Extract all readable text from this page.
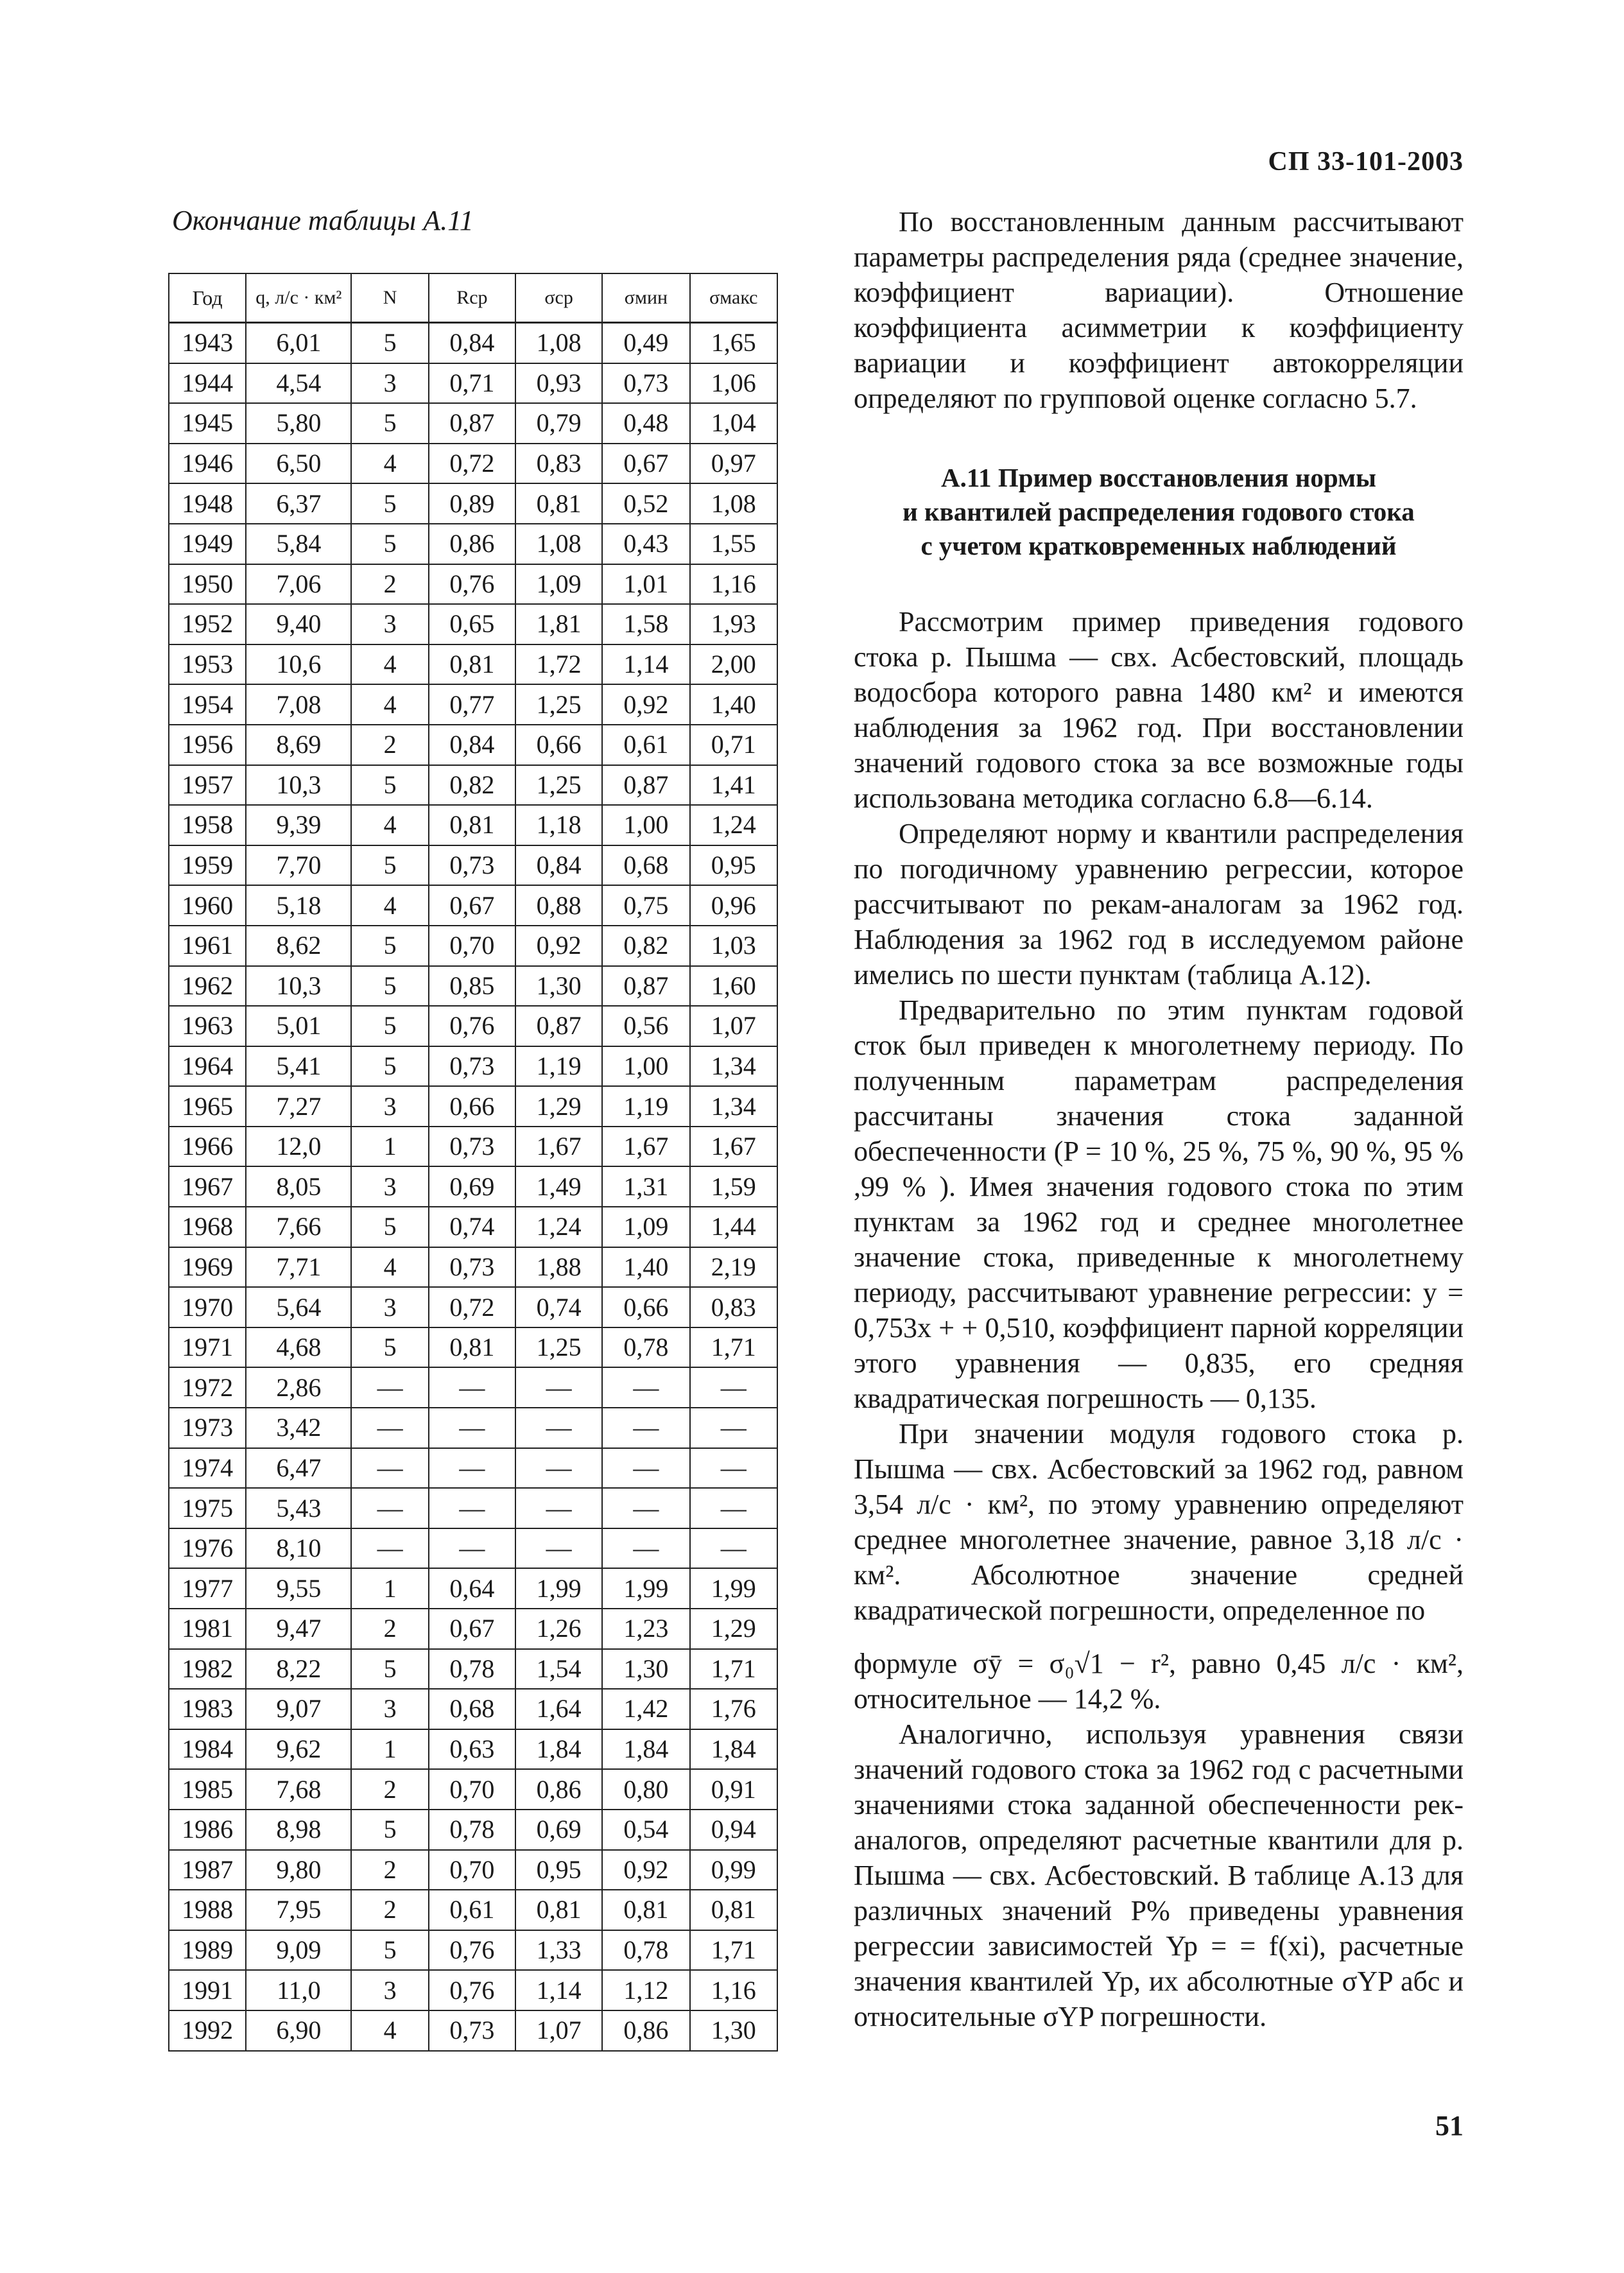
СП 33-101-2003
Окончание таблицы А.11
Год	q, л/с · км²	N	Rср	σср	σмин	σмакс
1943	6,01	5	0,84	1,08	0,49	1,65
1944	4,54	3	0,71	0,93	0,73	1,06
1945	5,80	5	0,87	0,79	0,48	1,04
1946	6,50	4	0,72	0,83	0,67	0,97
1948	6,37	5	0,89	0,81	0,52	1,08
1949	5,84	5	0,86	1,08	0,43	1,55
1950	7,06	2	0,76	1,09	1,01	1,16
1952	9,40	3	0,65	1,81	1,58	1,93
1953	10,6	4	0,81	1,72	1,14	2,00
1954	7,08	4	0,77	1,25	0,92	1,40
1956	8,69	2	0,84	0,66	0,61	0,71
1957	10,3	5	0,82	1,25	0,87	1,41
1958	9,39	4	0,81	1,18	1,00	1,24
1959	7,70	5	0,73	0,84	0,68	0,95
1960	5,18	4	0,67	0,88	0,75	0,96
1961	8,62	5	0,70	0,92	0,82	1,03
1962	10,3	5	0,85	1,30	0,87	1,60
1963	5,01	5	0,76	0,87	0,56	1,07
1964	5,41	5	0,73	1,19	1,00	1,34
1965	7,27	3	0,66	1,29	1,19	1,34
1966	12,0	1	0,73	1,67	1,67	1,67
1967	8,05	3	0,69	1,49	1,31	1,59
1968	7,66	5	0,74	1,24	1,09	1,44
1969	7,71	4	0,73	1,88	1,40	2,19
1970	5,64	3	0,72	0,74	0,66	0,83
1971	4,68	5	0,81	1,25	0,78	1,71
1972	2,86	—	—	—	—	—
1973	3,42	—	—	—	—	—
1974	6,47	—	—	—	—	—
1975	5,43	—	—	—	—	—
1976	8,10	—	—	—	—	—
1977	9,55	1	0,64	1,99	1,99	1,99
1981	9,47	2	0,67	1,26	1,23	1,29
1982	8,22	5	0,78	1,54	1,30	1,71
1983	9,07	3	0,68	1,64	1,42	1,76
1984	9,62	1	0,63	1,84	1,84	1,84
1985	7,68	2	0,70	0,86	0,80	0,91
1986	8,98	5	0,78	0,69	0,54	0,94
1987	9,80	2	0,70	0,95	0,92	0,99
1988	7,95	2	0,61	0,81	0,81	0,81
1989	9,09	5	0,76	1,33	0,78	1,71
1991	11,0	3	0,76	1,14	1,12	1,16
1992	6,90	4	0,73	1,07	0,86	1,30

По восстановленным данным рассчитывают параметры распределения ряда (среднее значение, коэффициент вариации). Отношение коэффициента асимметрии к коэффициенту вариации и коэффициент автокорреляции определяют по групповой оценке согласно 5.7.

А.11 Пример восстановления нормы
и квантилей распределения годового стока
с учетом кратковременных наблюдений

Рассмотрим пример приведения годового стока р. Пышма — свх. Асбестовский, площадь водосбора которого равна 1480 км² и имеются наблюдения за 1962 год. При восстановлении значений годового стока за все возможные годы использована методика согласно 6.8—6.14.

Определяют норму и квантили распределения по погодичному уравнению регрессии, которое рассчитывают по рекам-аналогам за 1962 год. Наблюдения за 1962 год в исследуемом районе имелись по шести пунктам (таблица А.12).

Предварительно по этим пунктам годовой сток был приведен к многолетнему периоду. По полученным параметрам распределения рассчитаны значения стока заданной обеспеченности (P = 10 %, 25 %, 75 %, 90 %, 95 % ,99 % ). Имея значения годового стока по этим пунктам за 1962 год и среднее многолетнее значение стока, приведенные к многолетнему периоду, рассчитывают уравнение регрессии: y = 0,753x + + 0,510, коэффициент парной корреляции этого уравнения — 0,835, его средняя квадратическая погрешность — 0,135.

При значении модуля годового стока р. Пышма — свх. Асбестовский за 1962 год, равном 3,54 л/с · км², по этому уравнению определяют среднее многолетнее значение, равное 3,18 л/с · км². Абсолютное значение средней квадратической погрешности, определенное по

формуле σȳ = σ₀√1 − r², равно 0,45 л/с · км², относительное — 14,2 %.

Аналогично, используя уравнения связи значений годового стока за 1962 год с расчетными значениями стока заданной обеспеченности рек-аналогов, определяют расчетные квантили для р. Пышма — свх. Асбестовский. В таблице А.13 для различных значений P% приведены уравнения регрессии зависимостей Yp = = f(xi), расчетные значения квантилей Yp, их абсолютные σYP абс и относительные σYP погрешности.

51
